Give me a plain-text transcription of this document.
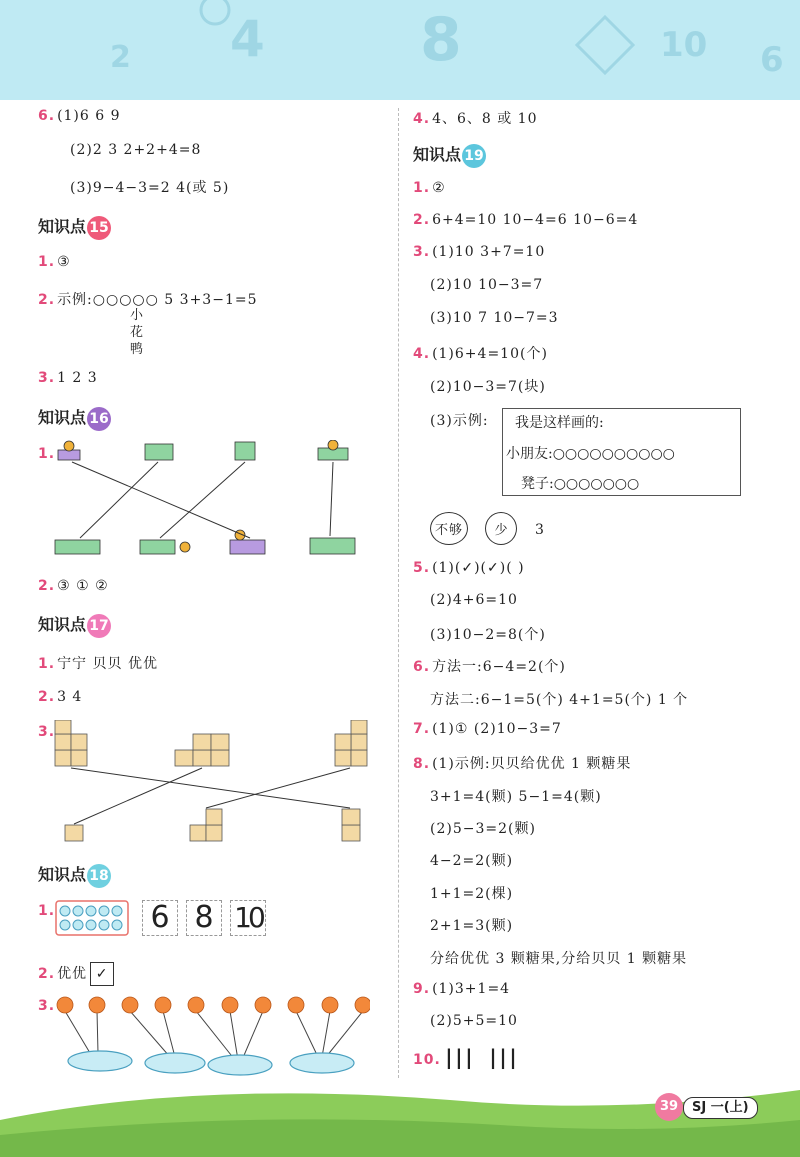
2 4	8	10 6
6. (1)6 6 9
(2)2 3 2+2+4=8
(3)9−4−3=2 4(或 5)
知识点 15
1. ③
2. 示例:○○○○○ 5 3+3−1=5
小花鸭
3. 1 2 3
知识点 16
1.
2. ③ ① ②
知识点 17
1. 宁宁 贝贝 优优
2. 3 4
3.
知识点 18
1.	6 8 10
2. 优优 ✓
3.
4. 4、6、8 或 10
知识点 19
1. ②
2. 6+4=10 10−4=6 10−6=4
3. (1)10 3+7=10
(2)10 10−3=7
(3)10 7 10−7=3
4. (1)6+4=10(个)
(2)10−3=7(块)
(3)示例: 我是这样画的:
小朋友:○○○○○○○○○○
凳子:○○○○○○○
不够 少 3
5. (1)(✓)(✓)( )
(2)4+6=10
(3)10−2=8(个)
6. 方法一:6−4=2(个)
方法二:6−1=5(个) 4+1=5(个) 1 个
7. (1)① (2)10−3=7
8. (1)示例:贝贝给优优 1 颗糖果
3+1=4(颗) 5−1=4(颗)
(2)5−3=2(颗)
4−2=2(颗)
1+1=2(棵)
2+1=3(颗)
分给优优 3 颗糖果,分给贝贝 1 颗糖果
9. (1)3+1=4
(2)5+5=10
10. ||| |||
39	SJ 一(上)
